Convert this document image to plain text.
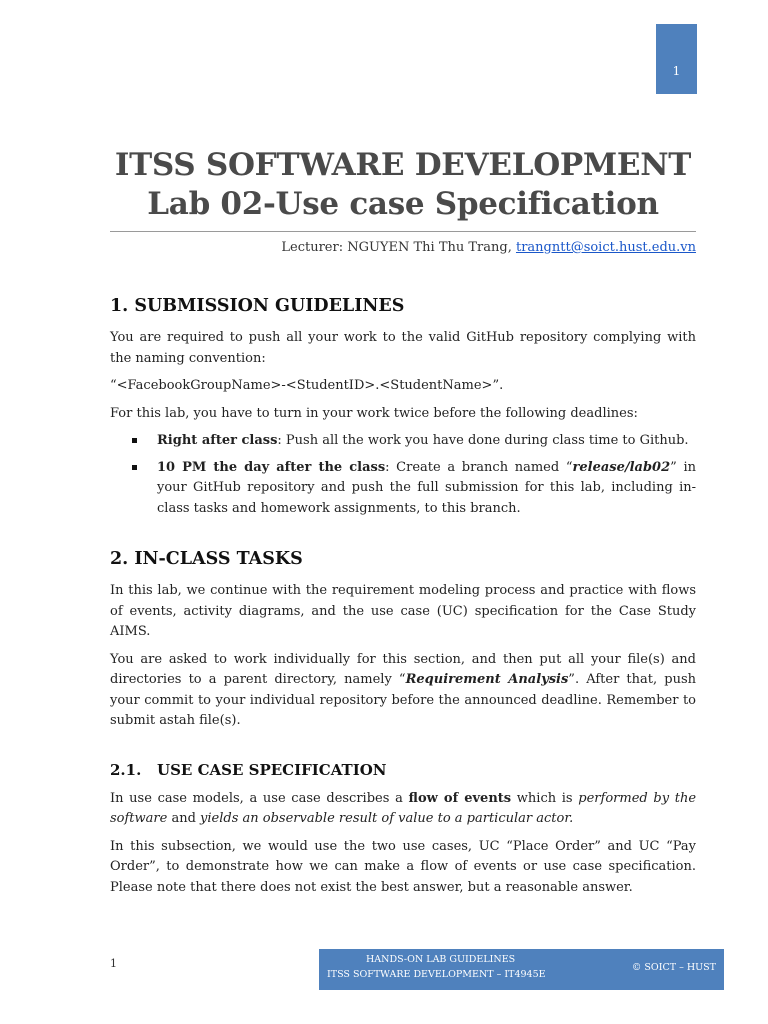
1
ITSS SOFTWARE DEVELOPMENT
Lab 02-Use case Specification
Lecturer: NGUYEN Thi Thu Trang, trangntt@soict.hust.edu.vn
1. SUBMISSION GUIDELINES

You are required to push all your work to the valid GitHub repository complying with the naming convention:

“<FacebookGroupName>-<StudentID>.<StudentName>”.

For this lab, you have to turn in your work twice before the following deadlines:

Right after class: Push all the work you have done during class time to Github.
10 PM the day after the class: Create a branch named “release/lab02” in your GitHub repository and push the full submission for this lab, including in-class tasks and homework assignments, to this branch.
2. IN-CLASS TASKS

In this lab, we continue with the requirement modeling process and practice with flows of events, activity diagrams, and the use case (UC) specification for the Case Study AIMS.

You are asked to work individually for this section, and then put all your file(s) and directories to a parent directory, namely “Requirement Analysis”. After that, push your commit to your individual repository before the announced deadline. Remember to submit astah file(s).

2.1. USE CASE SPECIFICATION

In use case models, a use case describes a flow of events which is performed by the software and yields an observable result of value to a particular actor.

In this subsection, we would use the two use cases, UC “Place Order” and UC “Pay Order”, to demonstrate how we can make a flow of events or use case specification. Please note that there does not exist the best answer, but a reasonable answer.

1	HANDS-ON LAB GUIDELINES
ITSS SOFTWARE DEVELOPMENT – IT4945E
© SOICT – HUST
